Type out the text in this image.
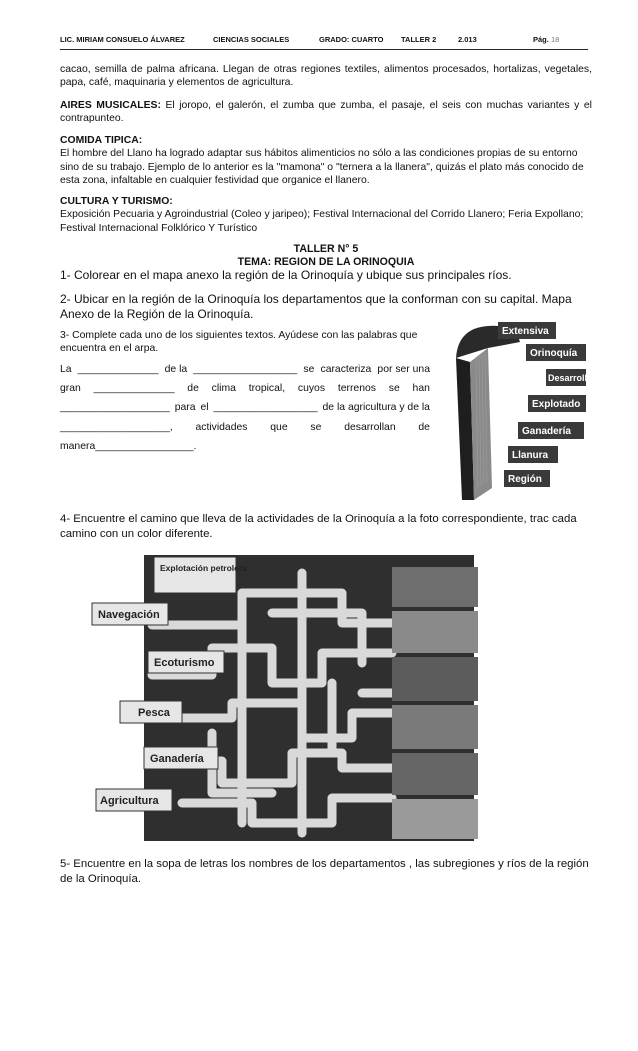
LIC. MIRIAM CONSUELO ÁLVAREZ	CIENCIAS SOCIALES	GRADO: CUARTO TALLER 2	2.013	Pág. 18

cacao, semilla de palma africana. Llegan de otras regiones textiles, alimentos procesados, hortalizas, vegetales, papa, café, maquinaria y elementos de agricultura.

AIRES MUSICALES: El joropo, el galerón, el zumba que zumba, el pasaje, el seis con muchas variantes y el contrapunteo.

COMIDA TIPICA:
El hombre del Llano ha logrado adaptar sus hábitos alimenticios no sólo a las condiciones propias de su entorno sino de su trabajo. Ejemplo de lo anterior es la "mamona" o "ternera a la llanera", quizás el plato más conocido de esta zona, infaltable en cualquier festividad que organice el llanero.

CULTURA Y TURISMO:
Exposición Pecuaria y Agroindustrial (Coleo y jaripeo); Festival Internacional del Corrido Llanero; Feria Expollano; Festival Internacional Folklórico Y Turístico

TALLER N° 5
TEMA: REGION DE LA ORINOQUIA

1- Colorear en el mapa anexo la región de la Orinoquía y ubique sus principales ríos.

2- Ubicar en la región de la Orinoquía los departamentos que la conforman con su capital. Mapa Anexo de la Región de la Orinoquía.

3- Complete cada uno de los siguientes textos. Ayúdese con las palabras que encuentra en el arpa.

La ______________ de la __________________ se caracteriza por ser una
gran ______________ de clima tropical, cuyos terrenos se han
___________________ para el __________________ de la agricultura y de la
___________________, actividades que se desarrollan de
manera_________________.
Extensiva
Orinoquía
Desarrollo
Explotado
Ganadería
Llanura
Región

4- Encuentre el camino que lleva de la actividades de la Orinoquía a la foto correspondiente, trac cada camino con un color diferente.

Explotación petrolera
Navegación
Ecoturismo
Pesca
Ganadería
Agricultura

5- Encuentre en la sopa de letras los nombres de los departamentos , las subregiones y ríos de la región de la Orinoquía.
